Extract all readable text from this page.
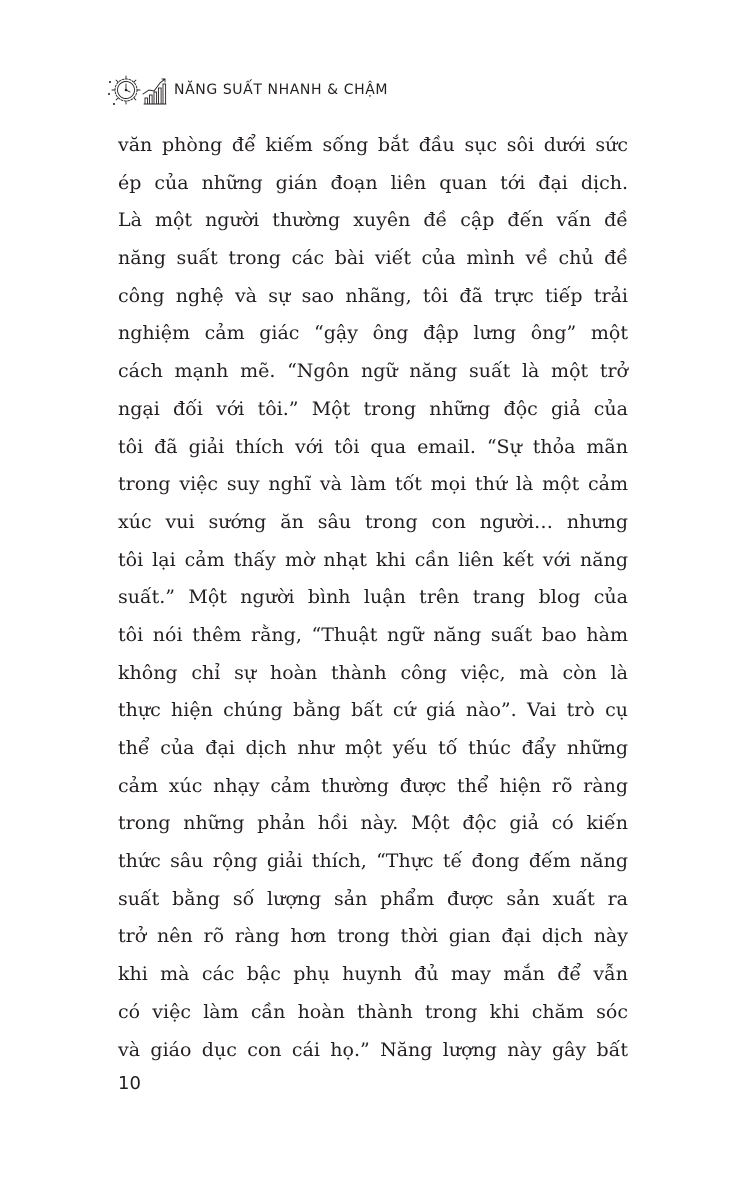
NĂNG SUẤT NHANH & CHẬM
văn phòng để kiếm sống bắt đầu sục sôi dưới sức
ép của những gián đoạn liên quan tới đại dịch.
Là một người thường xuyên đề cập đến vấn đề
năng suất trong các bài viết của mình về chủ đề
công nghệ và sự sao nhãng, tôi đã trực tiếp trải
nghiệm cảm giác “gậy ông đập lưng ông” một
cách mạnh mẽ. “Ngôn ngữ năng suất là một trở
ngại đối với tôi.” Một trong những độc giả của
tôi đã giải thích với tôi qua email. “Sự thỏa mãn
trong việc suy nghĩ và làm tốt mọi thứ là một cảm
xúc vui sướng ăn sâu trong con người… nhưng
tôi lại cảm thấy mờ nhạt khi cần liên kết với năng
suất.” Một người bình luận trên trang blog của
tôi nói thêm rằng, “Thuật ngữ năng suất bao hàm
không chỉ sự hoàn thành công việc, mà còn là
thực hiện chúng bằng bất cứ giá nào”. Vai trò cụ
thể của đại dịch như một yếu tố thúc đẩy những
cảm xúc nhạy cảm thường được thể hiện rõ ràng
trong những phản hồi này. Một độc giả có kiến
thức sâu rộng giải thích, “Thực tế đong đếm năng
suất bằng số lượng sản phẩm được sản xuất ra
trở nên rõ ràng hơn trong thời gian đại dịch này
khi mà các bậc phụ huynh đủ may mắn để vẫn
có việc làm cần hoàn thành trong khi chăm sóc
và giáo dục con cái họ.” Năng lượng này gây bất
10
